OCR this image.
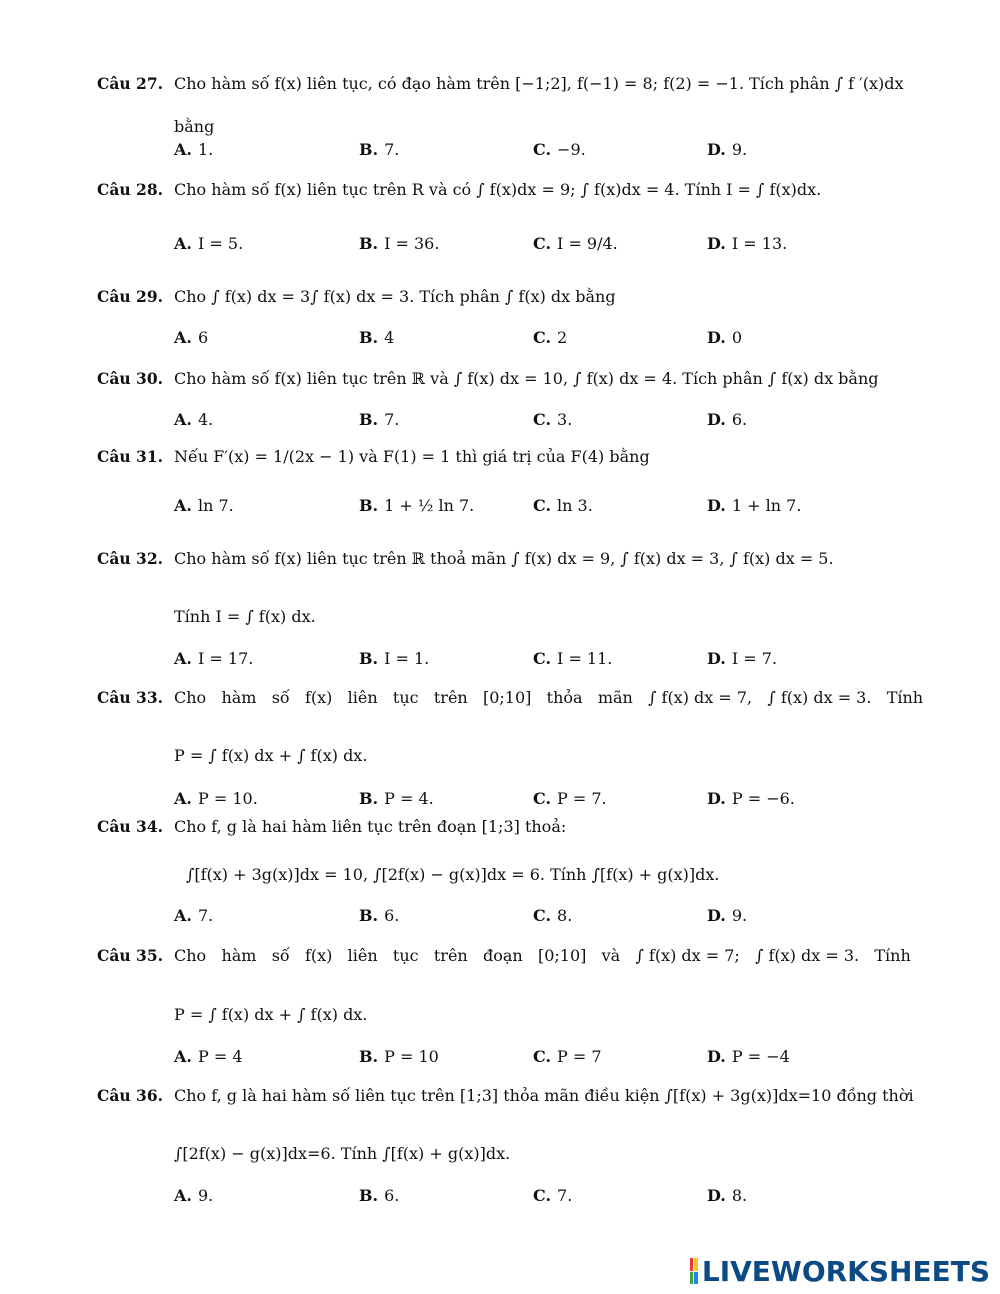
Câu 27. Cho hàm số f(x) liên tục, có đạo hàm trên [−1;2], f(−1) = 8; f(2) = −1. Tích phân ∫ f ′(x)dx
bằng
A. 1.	B. 7.	C. −9.	D. 9.
Câu 28. Cho hàm số f(x) liên tục trên R và có ∫ f(x)dx = 9; ∫ f(x)dx = 4. Tính I = ∫ f(x)dx.
A. I = 5.	B. I = 36.	C. I = 9/4.	D. I = 13.
Câu 29. Cho ∫ f(x) dx = 3∫ f(x) dx = 3. Tích phân ∫ f(x) dx bằng
A. 6	B. 4	C. 2	D. 0
Câu 30. Cho hàm số f(x) liên tục trên ℝ và ∫ f(x) dx = 10, ∫ f(x) dx = 4. Tích phân ∫ f(x) dx bằng
A. 4.	B. 7.	C. 3.	D. 6.
Câu 31. Nếu F′(x) = 1/(2x − 1) và F(1) = 1 thì giá trị của F(4) bằng
A. ln 7.	B. 1 + ½ ln 7.	C. ln 3.	D. 1 + ln 7.
Câu 32. Cho hàm số f(x) liên tục trên ℝ thoả mãn ∫ f(x) dx = 9, ∫ f(x) dx = 3, ∫ f(x) dx = 5.
Tính I = ∫ f(x) dx.
A. I = 17.	B. I = 1.	C. I = 11.	D. I = 7.
Câu 33. Cho   hàm   số   f(x)   liên   tục   trên   [0;10]   thỏa   mãn   ∫ f(x) dx = 7,   ∫ f(x) dx = 3.   Tính
P = ∫ f(x) dx + ∫ f(x) dx.
A. P = 10.	B. P = 4.	C. P = 7.	D. P = −6.
Câu 34. Cho f, g là hai hàm liên tục trên đoạn [1;3] thoả:
∫[f(x) + 3g(x)]dx = 10, ∫[2f(x) − g(x)]dx = 6. Tính ∫[f(x) + g(x)]dx.
A. 7.	B. 6.	C. 8.	D. 9.
Câu 35. Cho   hàm   số   f(x)   liên   tục   trên   đoạn   [0;10]   và   ∫ f(x) dx = 7;   ∫ f(x) dx = 3.   Tính
P = ∫ f(x) dx + ∫ f(x) dx.
A. P = 4	B. P = 10	C. P = 7	D. P = −4
Câu 36. Cho f, g là hai hàm số liên tục trên [1;3] thỏa mãn điều kiện ∫[f(x) + 3g(x)]dx=10 đồng thời
∫[2f(x) − g(x)]dx=6. Tính ∫[f(x) + g(x)]dx.
A. 9.	B. 6.	C. 7.	D. 8.
LIVEWORKSHEETS
